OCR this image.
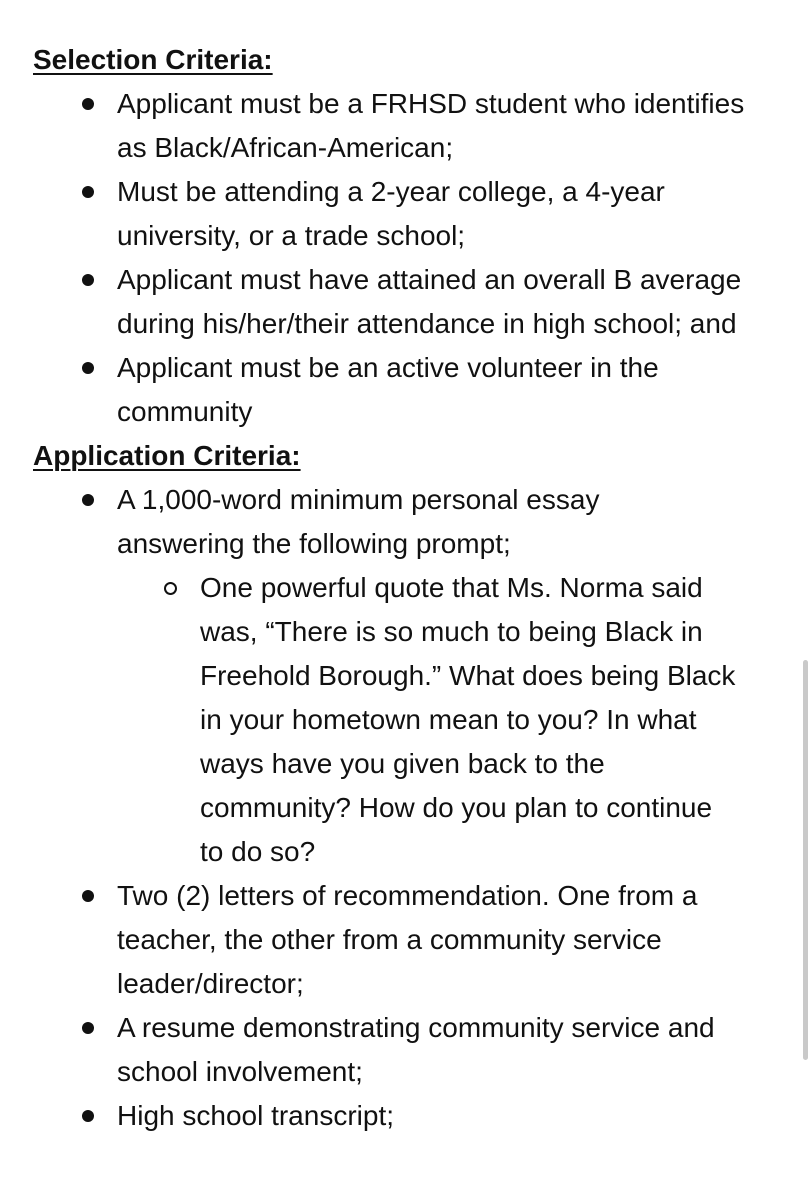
Selection Criteria:
Applicant must be a FRHSD student who identifies as Black/African-American;
Must be attending a 2-year college, a 4-year university, or a trade school;
Applicant must have attained an overall B average during his/her/their attendance in high school; and
Applicant must be an active volunteer in the community
Application Criteria:
A 1,000-word minimum personal essay answering the following prompt;
One powerful quote that Ms. Norma said was, “There is so much to being Black in Freehold Borough.” What does being Black in your hometown mean to you? In what ways have you given back to the community? How do you plan to continue to do so?
Two (2) letters of recommendation. One from a teacher, the other from a community service leader/director;
A resume demonstrating community service and school involvement;
High school transcript;
